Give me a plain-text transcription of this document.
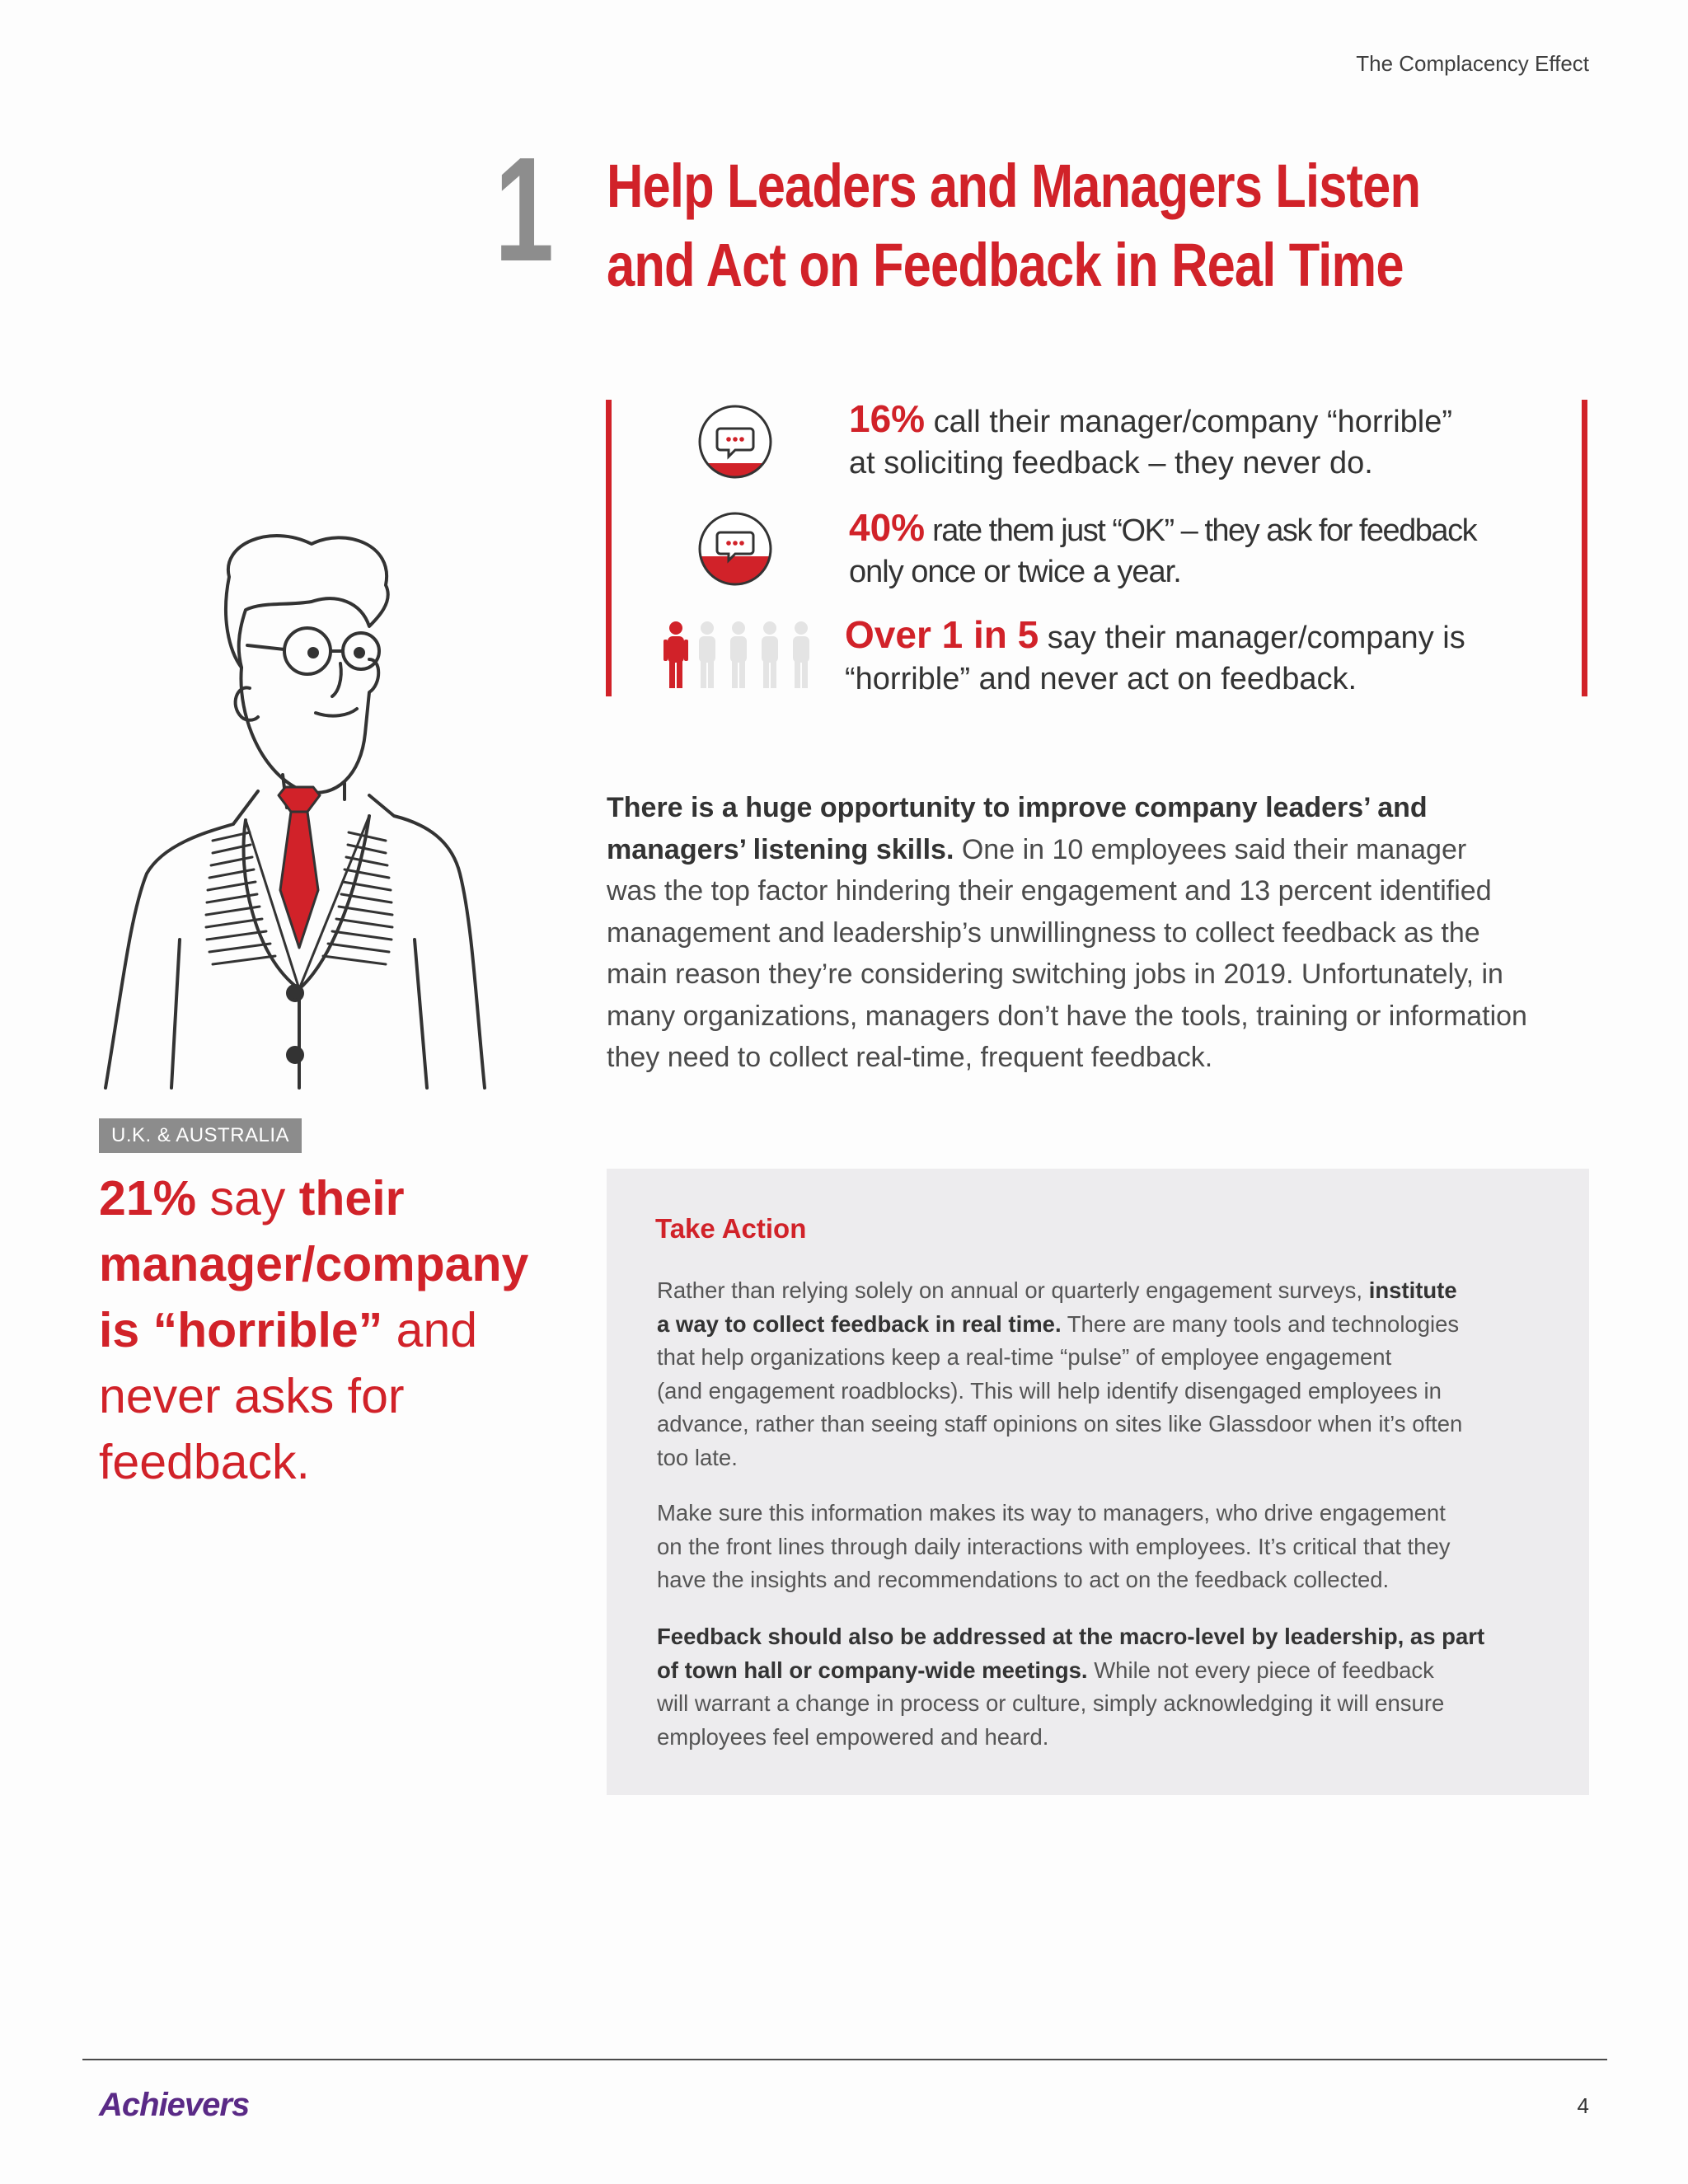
The Complacency Effect
1 Help Leaders and Managers Listen
and Act on Feedback in Real Time
16% call their manager/company “horrible”
at soliciting feedback – they never do.
40% rate them just “OK” – they ask for feedback
only once or twice a year.
Over 1 in 5 say their manager/company is
“horrible” and never act on feedback.
U.K. & AUSTRALIA
21% say their
manager/company
is “horrible” and
never asks for
feedback.
There is a huge opportunity to improve company leaders’ and
managers’ listening skills. One in 10 employees said their manager
was the top factor hindering their engagement and 13 percent identified
management and leadership’s unwillingness to collect feedback as the
main reason they’re considering switching jobs in 2019. Unfortunately, in
many organizations, managers don’t have the tools, training or information
they need to collect real-time, frequent feedback.
Take Action
Rather than relying solely on annual or quarterly engagement surveys, institute
a way to collect feedback in real time. There are many tools and technologies
that help organizations keep a real-time “pulse” of employee engagement
(and engagement roadblocks). This will help identify disengaged employees in
advance, rather than seeing staff opinions on sites like Glassdoor when it’s often
too late.
Make sure this information makes its way to managers, who drive engagement
on the front lines through daily interactions with employees. It’s critical that they
have the insights and recommendations to act on the feedback collected.
Feedback should also be addressed at the macro-level by leadership, as part
of town hall or company-wide meetings. While not every piece of feedback
will warrant a change in process or culture, simply acknowledging it will ensure
employees feel empowered and heard.
Achievers	4
